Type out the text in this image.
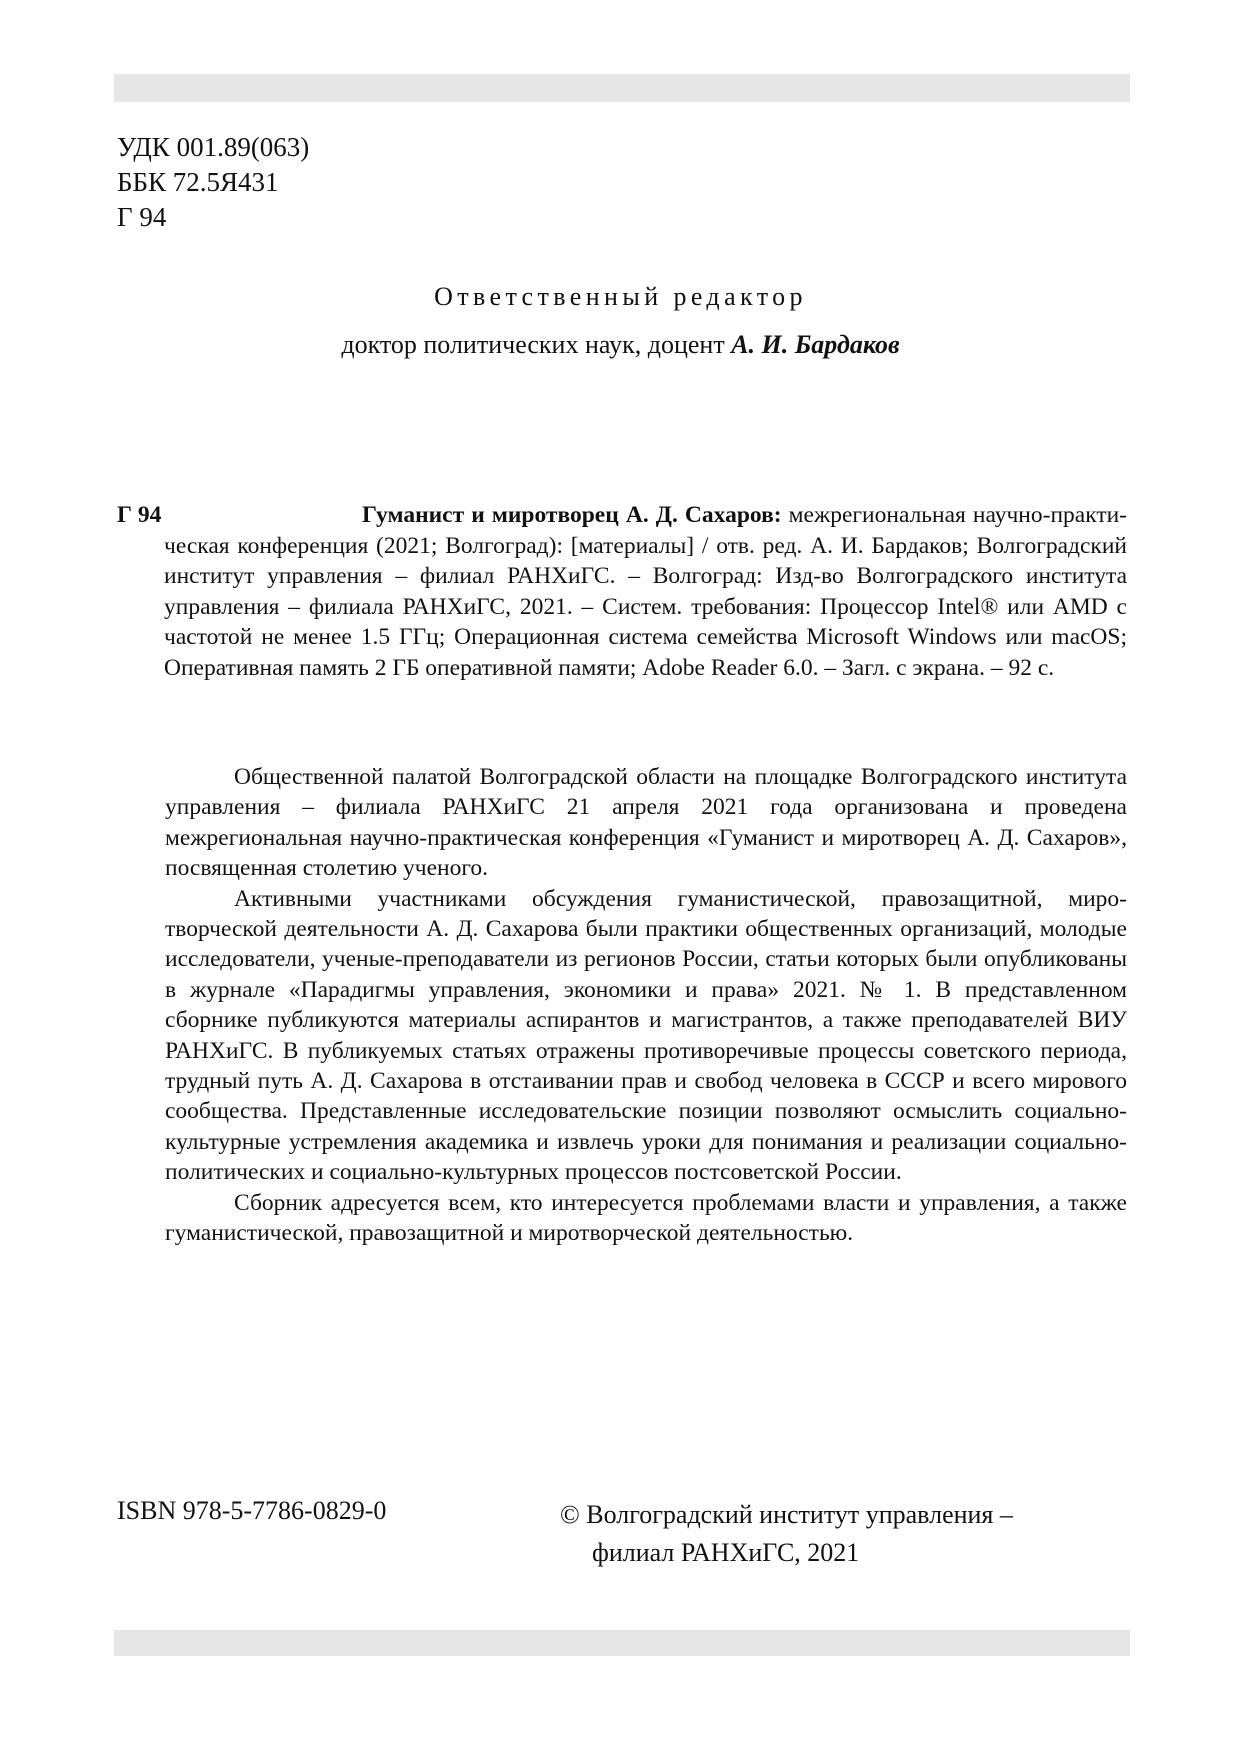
УДК 001.89(063)
ББК 72.5Я431
Г 94
Ответственный редактор
доктор политических наук, доцент А. И. Бардаков
Г 94	Гуманист и миротворец А. Д. Сахаров: межрегиональная научно-практическая конференция (2021; Волгоград): [материалы] / отв. ред. А. И. Бардаков; Волгоградский институт управления – филиал РАНХиГС. – Волгоград: Изд-во Волгоградского института управления – филиала РАНХиГС, 2021. – Систем. требования: Процессор Intel® или AMD с частотой не менее 1.5 ГГц; Операционная система семейства Microsoft Windows или macOS; Оперативная память 2 ГБ оперативной памяти; Adobe Reader 6.0. – Загл. с экрана. – 92 с.

Общественной палатой Волгоградской области на площадке Волгоградского института управления – филиала РАНХиГС 21 апреля 2021 года организована и проведена межрегиональная научно-практическая конференция «Гуманист и миротворец А. Д. Сахаров», посвященная столетию ученого.

Активными участниками обсуждения гуманистической, правозащитной, миротворческой деятельности А. Д. Сахарова были практики общественных организаций, молодые исследователи, ученые-преподаватели из регионов России, статьи которых были опубликованы в журнале «Парадигмы управления, экономики и права» 2021. № 1. В представленном сборнике публикуются материалы аспирантов и магистрантов, а также преподавателей ВИУ РАНХиГС. В публикуемых статьях отражены противоречивые процессы советского периода, трудный путь А. Д. Сахарова в отстаивании прав и свобод человека в СССР и всего мирового сообщества. Представленные исследовательские позиции позволяют осмыслить социально-культурные устремления академика и извлечь уроки для понимания и реализации социально-политических и социально-культурных процессов постсоветской России.

Сборник адресуется всем, кто интересуется проблемами власти и управления, а также гуманистической, правозащитной и миротворческой деятельностью.

ISBN 978-5-7786-0829-0	© Волгоградский институт управления –
филиал РАНХиГС, 2021
